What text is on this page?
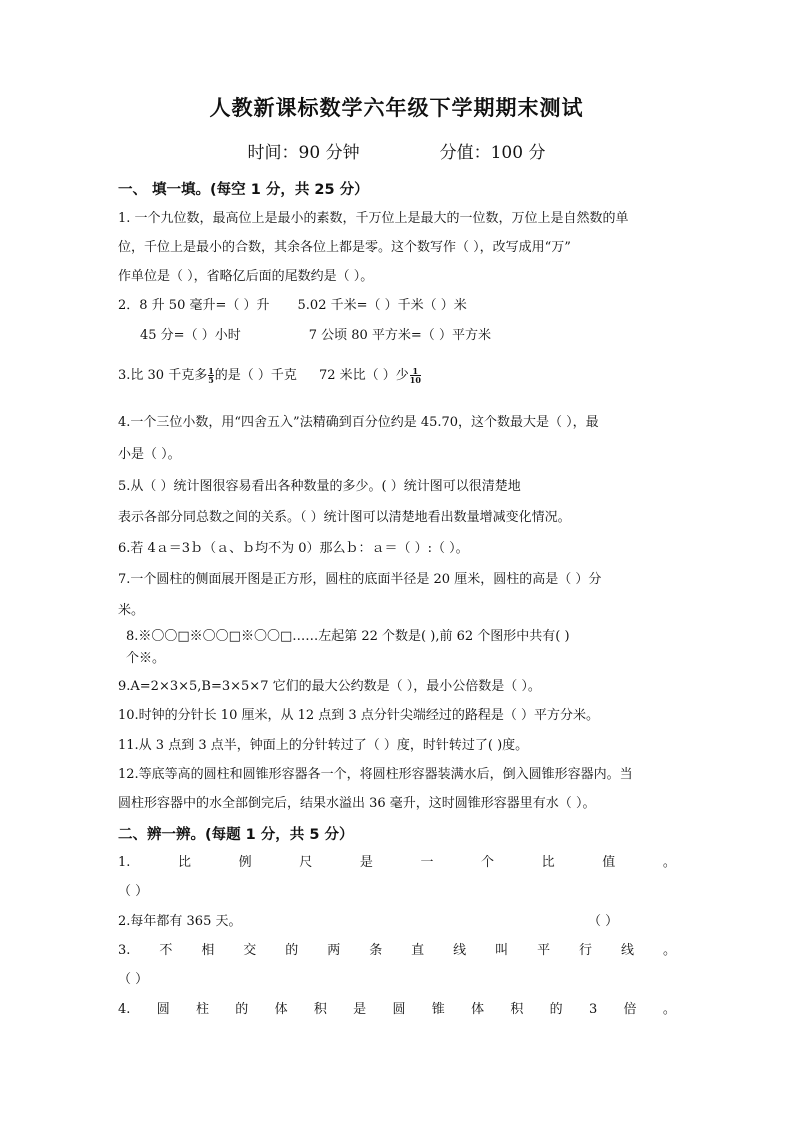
人教新课标数学六年级下学期期末测试
时间：90 分钟	分值：100 分
一、 填一填。(每空 1 分，共 25 分）
1. 一个九位数，最高位上是最小的素数，千万位上是最大的一位数，万位上是自然数的单
位，千位上是最小的合数，其余各位上都是零。这个数写作（ ），改写成用“万”
作单位是（ ），省略亿后面的尾数约是（ ）。
2．8 升 50 毫升=（ ）升 5.02 千米=（ ）千米（ ）米
45 分=（ ）小时	7 公顷 80 平方米=（ ）平方米
3.比 30 千克多 $\frac{1}{5}$ 的是（ ）千克 72 米比（ ）少 $\frac{1}{10}$
4.一个三位小数，用“四舍五入”法精确到百分位约是 45.70，这个数最大是（ ），最
小是（ ）。
5.从（ ）统计图很容易看出各种数量的多少。( ）统计图可以很清楚地
表示各部分同总数之间的关系。（ ）统计图可以清楚地看出数量增减变化情况。
6.若 4ａ＝3ｂ（ａ、ｂ均不为 0）那么ｂ：ａ＝（ ）:（ ）。
7.一个圆柱的侧面展开图是正方形，圆柱的底面半径是 20 厘米，圆柱的高是（ ）分
米。
8.※〇〇□※〇〇□※〇〇□……左起第 22 个数是( ),前 62 个图形中共有( )
个※。
9.A=2×3×5,B=3×5×7 它们的最大公约数是（ ），最小公倍数是（ ）。
10.时钟的分针长 10 厘米，从 12 点到 3 点分针尖端经过的路程是（ ）平方分米。
11.从 3 点到 3 点半，钟面上的分针转过了（ ）度，时针转过了( )度。
12.等底等高的圆柱和圆锥形容器各一个，将圆柱形容器装满水后，倒入圆锥形容器内。当
圆柱形容器中的水全部倒完后，结果水溢出 36 毫升，这时圆锥形容器里有水（ ）。
二、辨一辨。(每题 1 分，共 5 分）
1.	比	例	尺	是	一	个	比	值	。
（ ）
2.每年都有 365 天。	（ ）
3. 不 相 交 的 两 条 直 线 叫 平 行 线 。
（ ）
4. 圆 柱 的 体 积 是 圆 锥 体 积 的 3 倍 。
